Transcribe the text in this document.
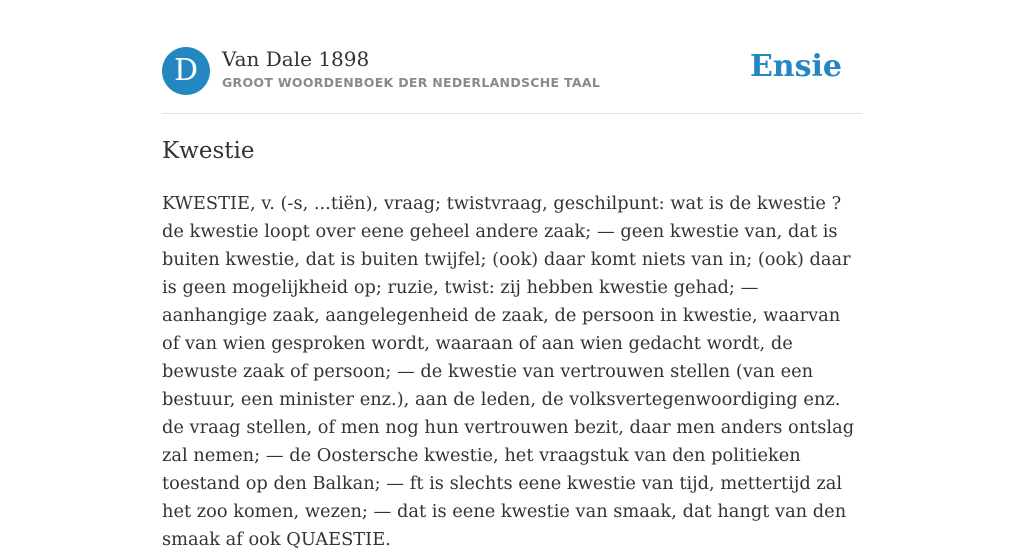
D	Van Dale 1898
GROOT WOORDENBOEK DER NEDERLANDSCHE TAAL	Ensie
Kwestie

KWESTIE, v. (-s, ...tiën), vraag; twistvraag, geschilpunt: wat is de kwestie ? de kwestie loopt over eene geheel andere zaak; — geen kwestie van, dat is buiten kwestie, dat is buiten twijfel; (ook) daar komt niets van in; (ook) daar is geen mogelijkheid op; ruzie, twist: zij hebben kwestie gehad; — aanhangige zaak, aangelegenheid de zaak, de persoon in kwestie, waarvan of van wien gesproken wordt, waaraan of aan wien gedacht wordt, de bewuste zaak of persoon; — de kwestie van vertrouwen stellen (van een bestuur, een minister enz.), aan de leden, de volksvertegenwoordiging enz. de vraag stellen, of men nog hun vertrouwen bezit, daar men anders ontslag zal nemen; — de Oostersche kwestie, het vraagstuk van den politieken toestand op den Balkan; — ft is slechts eene kwestie van tijd, mettertijd zal het zoo komen, wezen; — dat is eene kwestie van smaak, dat hangt van den smaak af ook QUAESTIE.
